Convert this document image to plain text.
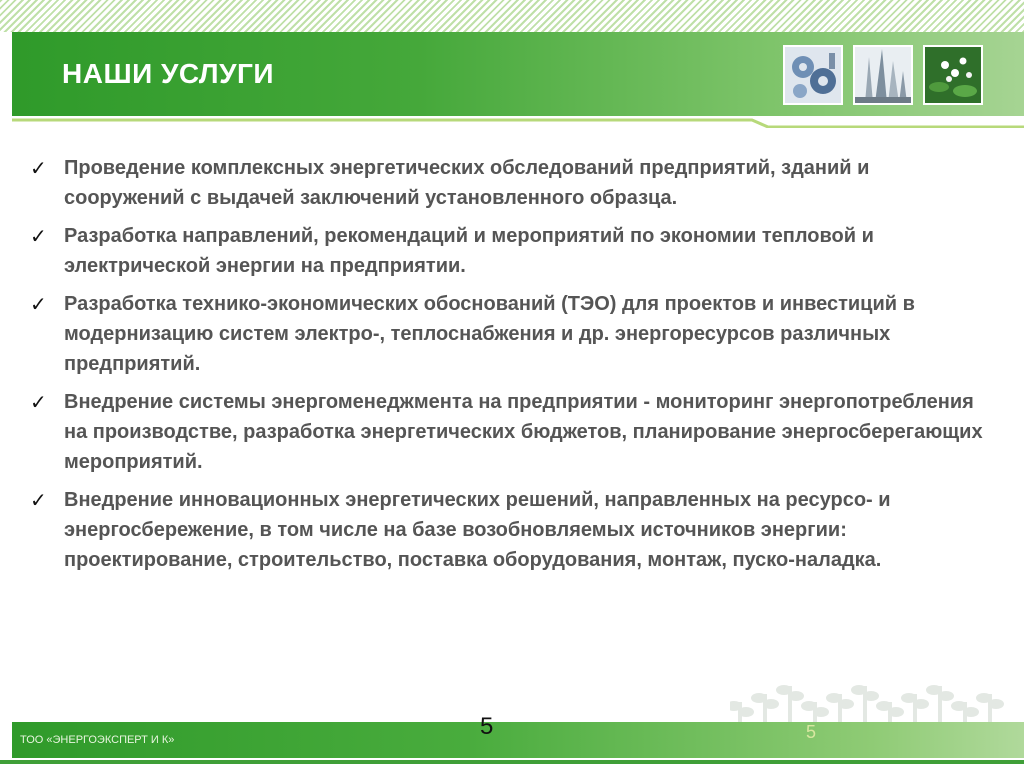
НАШИ УСЛУГИ
✓ Проведение комплексных энергетических обследований предприятий, зданий и сооружений с выдачей заключений установленного образца.
✓ Разработка направлений, рекомендаций и мероприятий по экономии тепловой и электрической энергии на предприятии.
✓ Разработка технико-экономических обоснований (ТЭО) для проектов и инвестиций в модернизацию систем электро-, теплоснабжения и др. энергоресурсов различных предприятий.
✓ Внедрение системы энергоменеджмента на предприятии - мониторинг энергопотребления на производстве, разработка энергетических бюджетов, планирование энергосберегающих мероприятий.
✓ Внедрение инновационных энергетических решений, направленных на ресурсо- и энергосбережение, в том числе на базе возобновляемых источников энергии: проектирование, строительство, поставка оборудования, монтаж, пуско-наладка.
ТОО «ЭНЕРГОЭКСПЕРТ И К»	5	5
